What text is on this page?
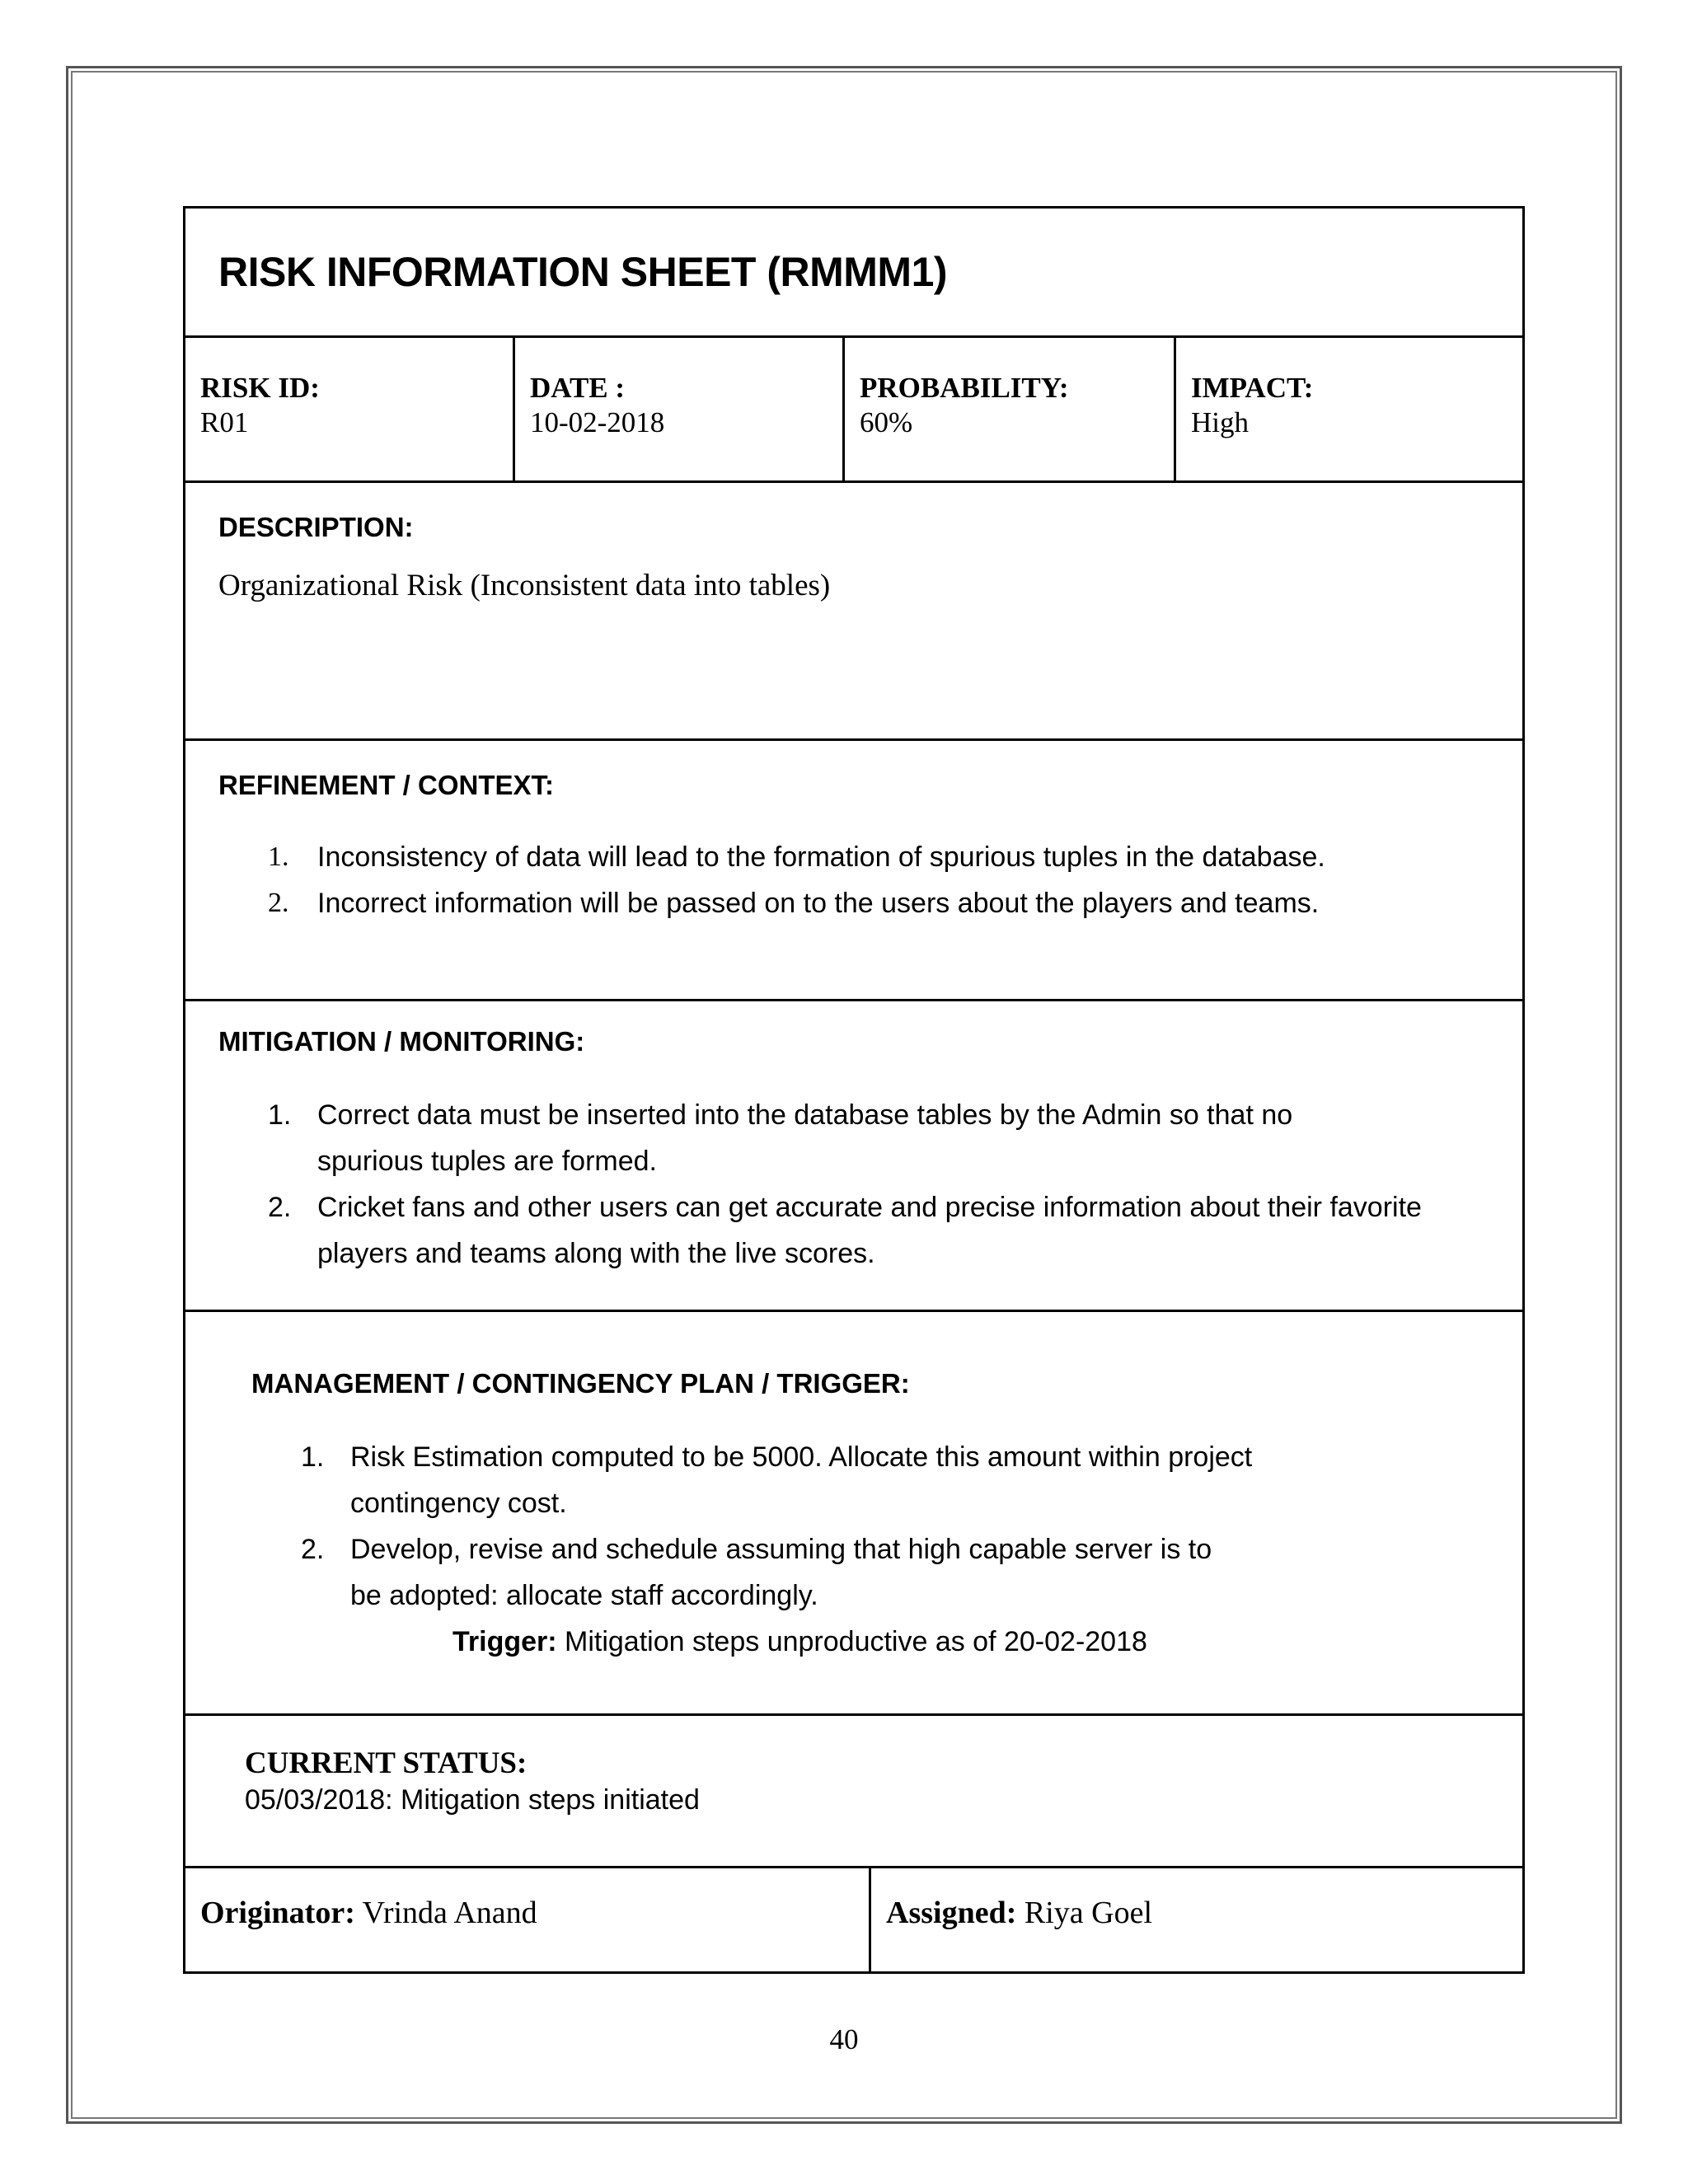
RISK INFORMATION SHEET (RMMM1)
RISK ID:
R01
DATE :
10-02-2018
PROBABILITY:
60%
IMPACT:
High
DESCRIPTION:
Organizational Risk (Inconsistent data into tables)
REFINEMENT / CONTEXT:
1. Inconsistency of data will lead to the formation of spurious tuples in the database.
2. Incorrect information will be passed on to the users about the players and teams.
MITIGATION / MONITORING:
1. Correct data must be inserted into the database tables by the Admin so that no spurious tuples are formed.
2. Cricket fans and other users can get accurate and precise information about their favorite players and teams along with the live scores.
MANAGEMENT / CONTINGENCY PLAN / TRIGGER:
1. Risk Estimation computed to be 5000. Allocate this amount within project contingency cost.
2. Develop, revise and schedule assuming that high capable server is to be adopted: allocate staff accordingly.
Trigger: Mitigation steps unproductive as of 20-02-2018
CURRENT STATUS:
05/03/2018: Mitigation steps initiated
Originator: Vrinda Anand	Assigned: Riya Goel
40
